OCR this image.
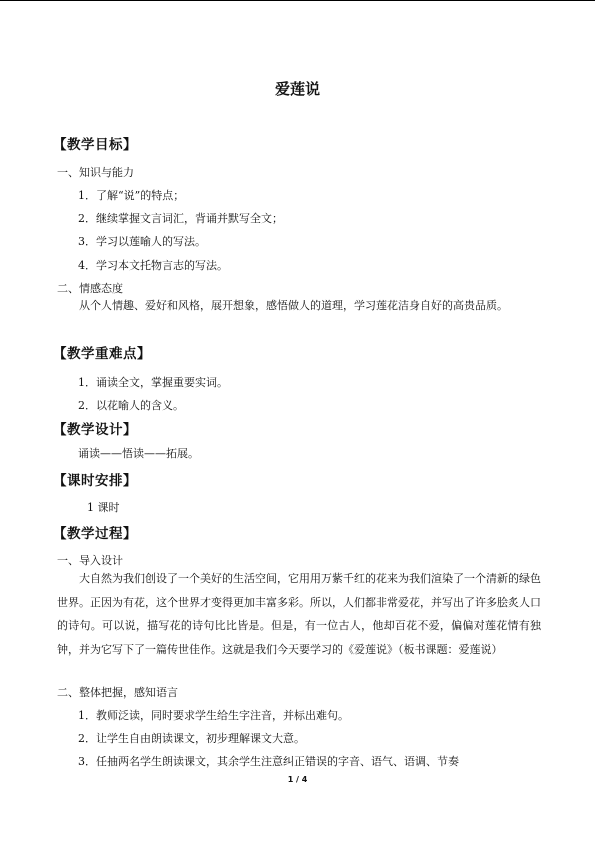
爱莲说
【教学目标】
一、知识与能力
1．了解“说”的特点；
2．继续掌握文言词汇，背诵并默写全文；
3．学习以莲喻人的写法。
4．学习本文托物言志的写法。
二、情感态度
从个人情趣、爱好和风格，展开想象，感悟做人的道理，学习莲花洁身自好的高贵品质。
【教学重难点】
1．诵读全文，掌握重要实词。
2．以花喻人的含义。
【教学设计】
诵读——悟读——拓展。
【课时安排】
1 课时
【教学过程】
一、导入设计
大自然为我们创设了一个美好的生活空间，它用用万紫千红的花来为我们渲染了一个清新的绿色世界。正因为有花，这个世界才变得更加丰富多彩。所以，人们都非常爱花，并写出了许多脍炙人口的诗句。可以说，描写花的诗句比比皆是。但是，有一位古人，他却百花不爱，偏偏对莲花情有独钟，并为它写下了一篇传世佳作。这就是我们今天要学习的《爱莲说》（板书课题：爱莲说）
二、整体把握，感知语言
1．教师泛读，同时要求学生给生字注音，并标出难句。
2．让学生自由朗读课文，初步理解课文大意。
3．任抽两名学生朗读课文，其余学生注意纠正错误的字音、语气、语调、节奏
1 / 4
